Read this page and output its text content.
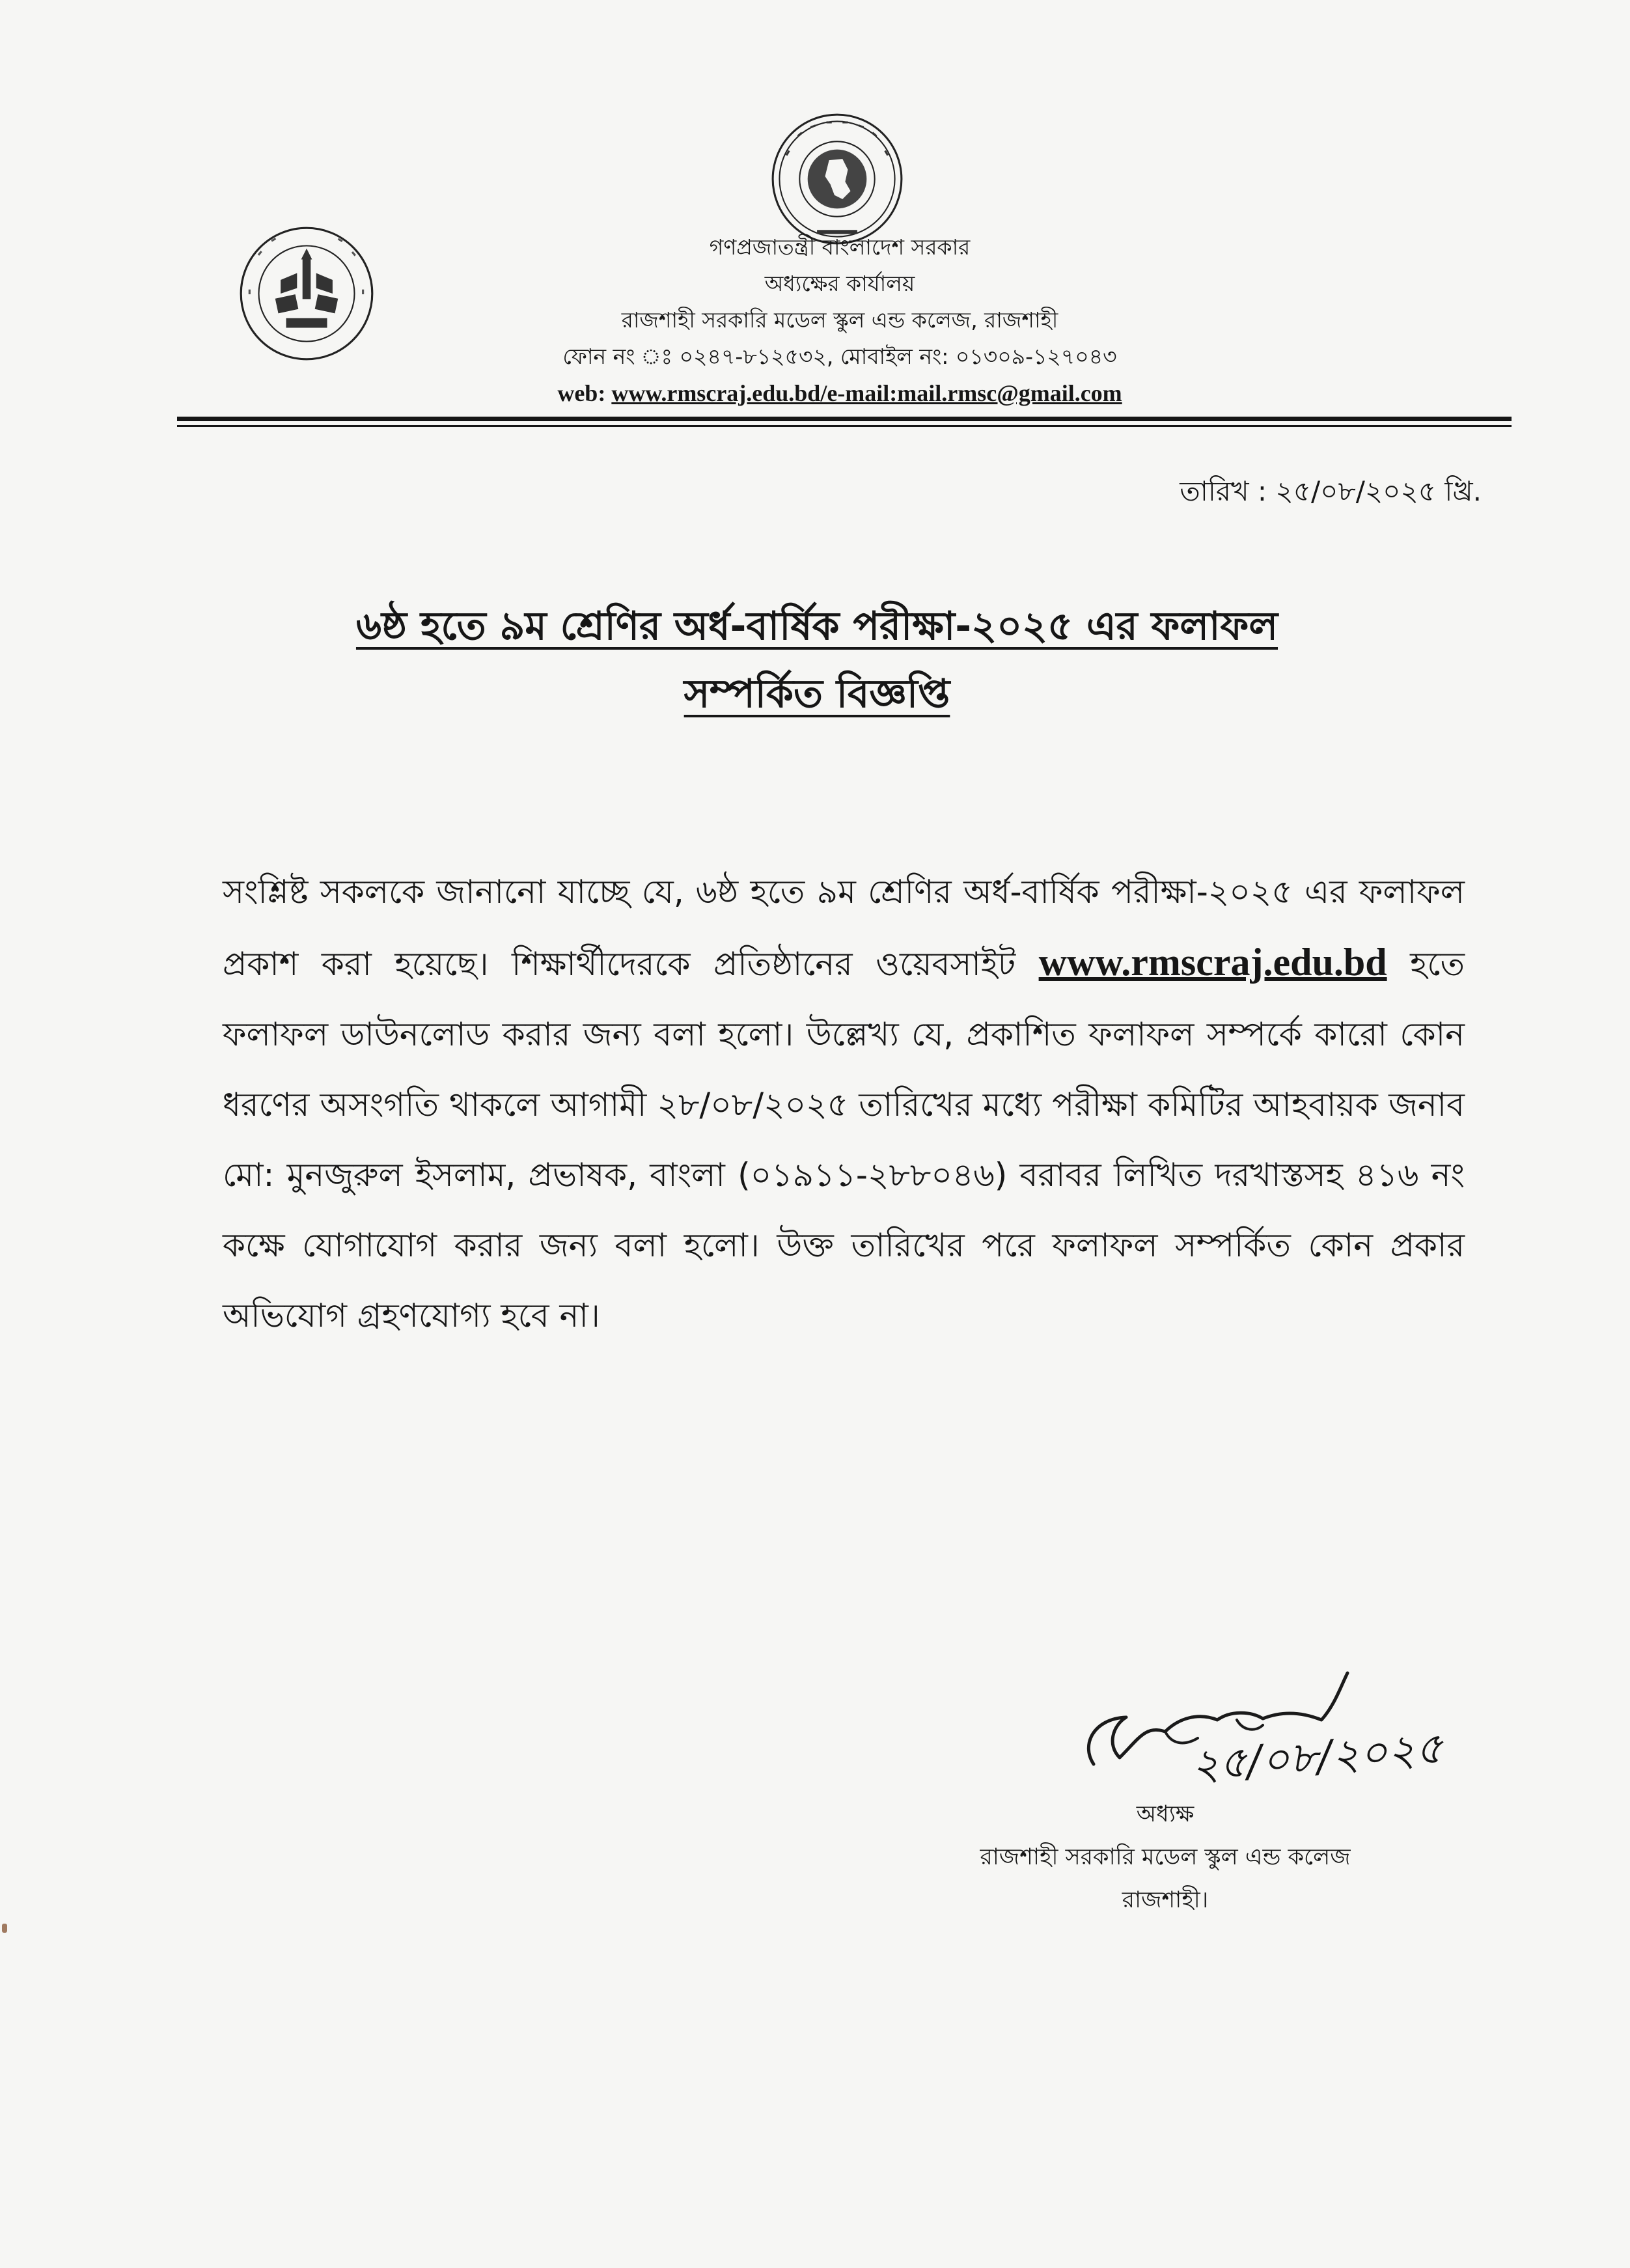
গণপ্রজাতন্ত্রী বাংলাদেশ সরকার
অধ্যক্ষের কার্যালয়
রাজশাহী সরকারি মডেল স্কুল এন্ড কলেজ, রাজশাহী
ফোন নং ঃ ০২৪৭-৮১২৫৩২, মোবাইল নং: ০১৩০৯-১২৭০৪৩
web: www.rmscraj.edu.bd/e-mail:mail.rmsc@gmail.com
তারিখ : ২৫/০৮/২০২৫ খ্রি.
৬ষ্ঠ হতে ৯ম শ্রেণির অর্ধ-বার্ষিক পরীক্ষা-২০২৫ এর ফলাফল
সম্পর্কিত বিজ্ঞপ্তি
সংশ্লিষ্ট সকলকে জানানো যাচ্ছে যে, ৬ষ্ঠ হতে ৯ম শ্রেণির অর্ধ-বার্ষিক পরীক্ষা-২০২৫ এর ফলাফল প্রকাশ করা হয়েছে। শিক্ষার্থীদেরকে প্রতিষ্ঠানের ওয়েবসাইট www.rmscraj.edu.bd হতে ফলাফল ডাউনলোড করার জন্য বলা হলো। উল্লেখ্য যে, প্রকাশিত ফলাফল সম্পর্কে কারো কোন ধরণের অসংগতি থাকলে আগামী ২৮/০৮/২০২৫ তারিখের মধ্যে পরীক্ষা কমিটির আহবায়ক জনাব মো: মুনজুরুল ইসলাম, প্রভাষক, বাংলা (০১৯১১-২৮৮০৪৬) বরাবর লিখিত দরখাস্তসহ ৪১৬ নং কক্ষে যোগাযোগ করার জন্য বলা হলো। উক্ত তারিখের পরে ফলাফল সম্পর্কিত কোন প্রকার অভিযোগ গ্রহণযোগ্য হবে না।
২৫/০৮/২০২৫
অধ্যক্ষ
রাজশাহী সরকারি মডেল স্কুল এন্ড কলেজ
রাজশাহী।
